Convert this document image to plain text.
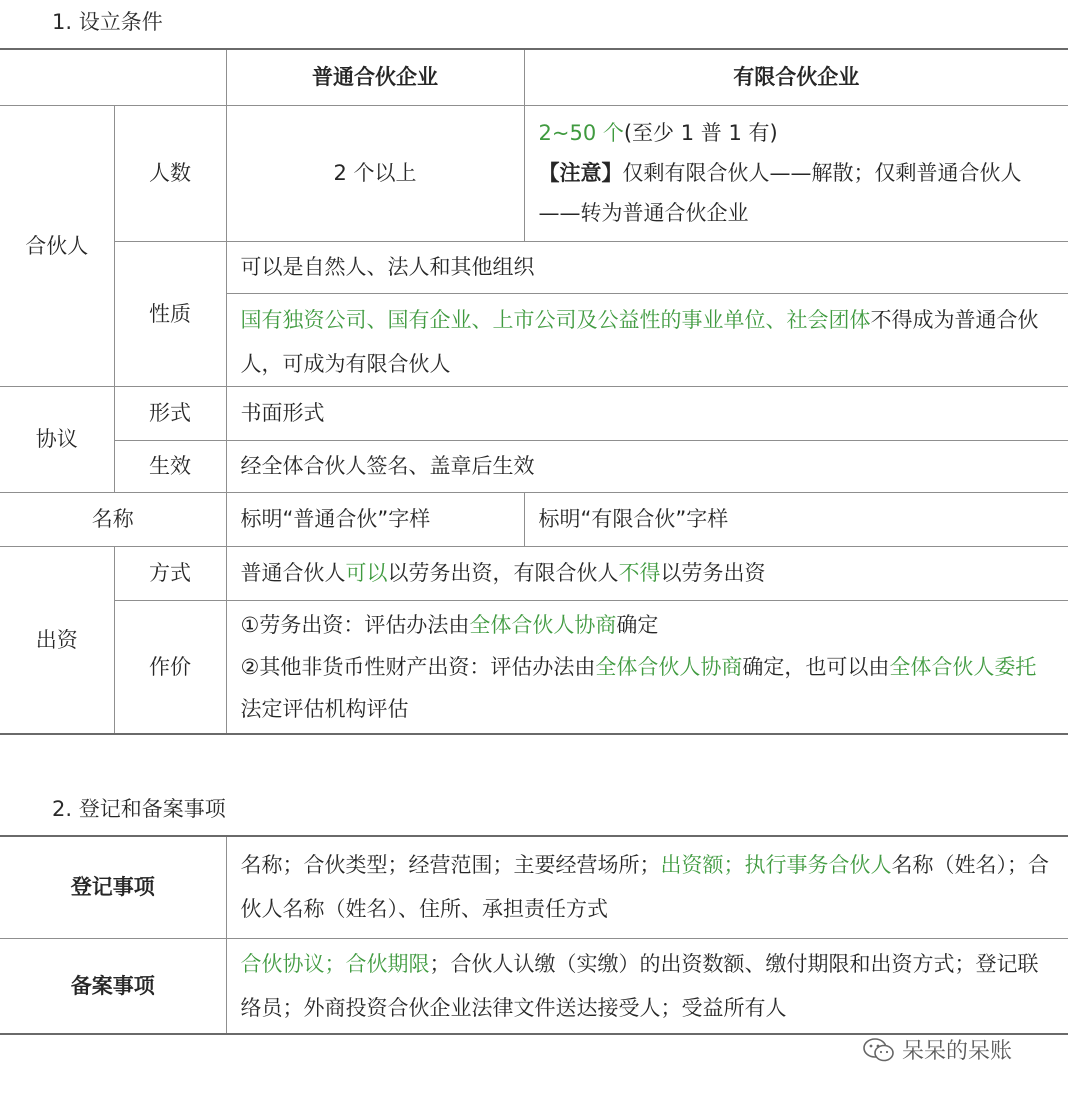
1. 设立条件
		普通合伙企业	有限合伙企业
合伙人	人数	2 个以上	2~50 个(至少 1 普 1 有)
【注意】仅剩有限合伙人——解散；仅剩普通合伙人——转为普通合伙企业
	性质	可以是自然人、法人和其他组织
国有独资公司、国有企业、上市公司及公益性的事业单位、社会团体不得成为普通合伙人，可成为有限合伙人	

协议	形式	书面形式	
	生效	经全体合伙人签名、盖章后生效	
名称		标明“普通合伙”字样	标明“有限合伙”字样
出资	方式	普通合伙人可以以劳务出资，有限合伙人不得以劳务出资	
	作价	①劳务出资：评估办法由全体合伙人协商确定
②其他非货币性财产出资：评估办法由全体合伙人协商确定，也可以由全体合伙人委托法定评估机构评估	
2. 登记和备案事项
登记事项	名称；合伙类型；经营范围；主要经营场所；出资额；执行事务合伙人名称（姓名）；合伙人名称（姓名）、住所、承担责任方式
备案事项	合伙协议；合伙期限；合伙人认缴（实缴）的出资数额、缴付期限和出资方式；登记联络员；外商投资合伙企业法律文件送达接受人；受益所有人
呆呆的呆账
